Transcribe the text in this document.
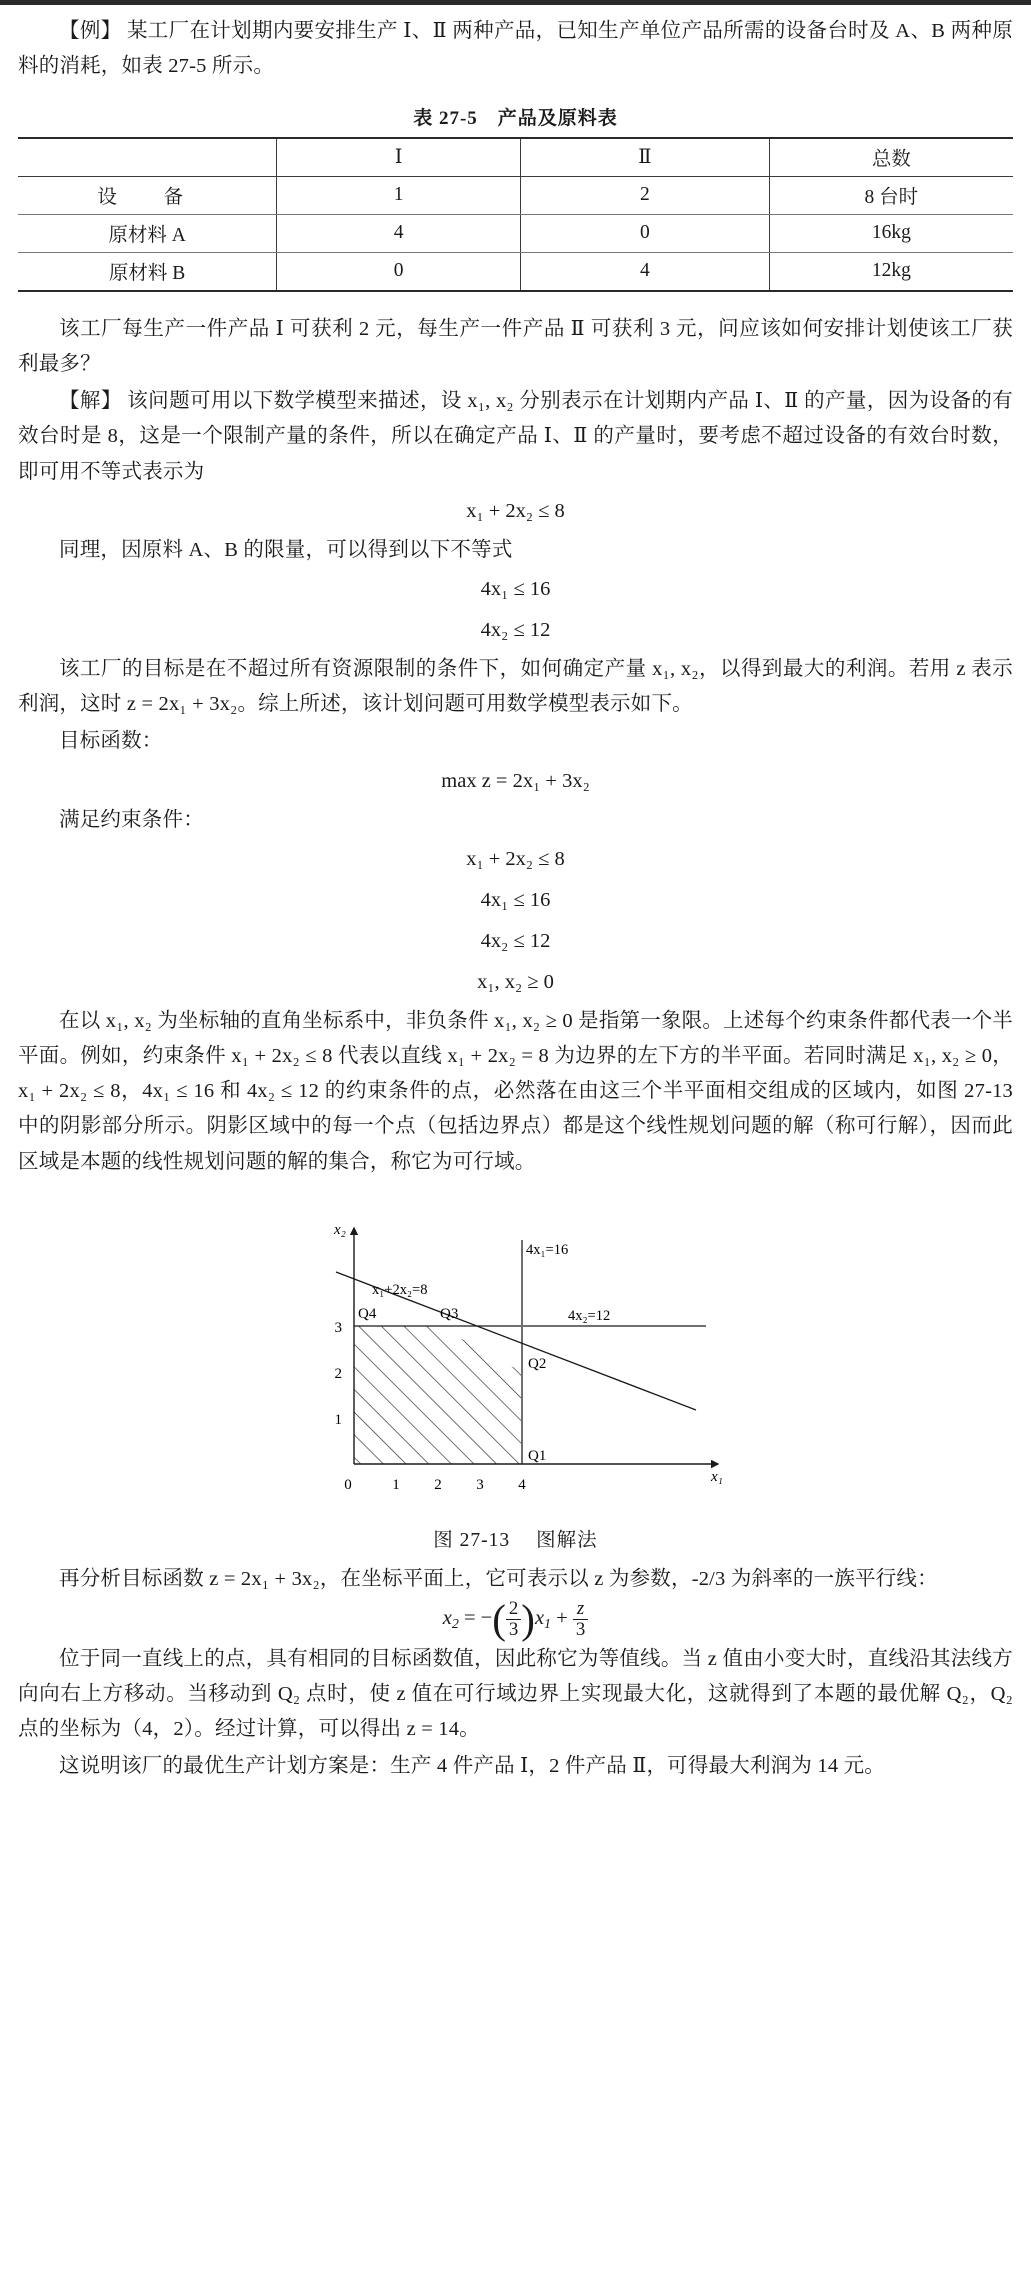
【例】 某工厂在计划期内要安排生产 Ⅰ、Ⅱ 两种产品，已知生产单位产品所需的设备台时及 A、B 两种原料的消耗，如表 27-5 所示。

表 27-5　产品及原料表
	Ⅰ	Ⅱ	总数
设　备	1	2	8 台时
原材料 A	4	0	16kg
原材料 B	0	4	12kg

该工厂每生产一件产品 Ⅰ 可获利 2 元，每生产一件产品 Ⅱ 可获利 3 元，问应该如何安排计划使该工厂获利最多？

【解】 该问题可用以下数学模型来描述，设 x₁, x₂ 分别表示在计划期内产品 Ⅰ、Ⅱ 的产量，因为设备的有效台时是 8，这是一个限制产量的条件，所以在确定产品 Ⅰ、Ⅱ 的产量时，要考虑不超过设备的有效台时数，即可用不等式表示为

x₁ + 2x₂ ≤ 8

同理，因原料 A、B 的限量，可以得到以下不等式

4x₁ ≤ 16
4x₂ ≤ 12

该工厂的目标是在不超过所有资源限制的条件下，如何确定产量 x₁, x₂，以得到最大的利润。若用 z 表示利润，这时 z = 2x₁ + 3x₂。综上所述，该计划问题可用数学模型表示如下。

目标函数：

max z = 2x₁ + 3x₂

满足约束条件：

x₁ + 2x₂ ≤ 8
4x₁ ≤ 16
4x₂ ≤ 12
x₁, x₂ ≥ 0

在以 x₁, x₂ 为坐标轴的直角坐标系中，非负条件 x₁, x₂ ≥ 0 是指第一象限。上述每个约束条件都代表一个半平面。例如，约束条件 x₁ + 2x₂ ≤ 8 代表以直线 x₁ + 2x₂ = 8 为边界的左下方的半平面。若同时满足 x₁, x₂ ≥ 0，x₁ + 2x₂ ≤ 8，4x₁ ≤ 16 和 4x₂ ≤ 12 的约束条件的点，必然落在由这三个半平面相交组成的区域内，如图 27-13 中的阴影部分所示。阴影区域中的每一个点（包括边界点）都是这个线性规划问题的解（称可行解），因而此区域是本题的线性规划问题的解的集合，称它为可行域。

3
2
1
0	1 2 3 4	x₁
x₂
x₁+2x₂=8
4x₁=16
4x₂=12
Q1
Q2
Q3
Q4
图 27-13 图解法

再分析目标函数 z = 2x₁ + 3x₂，在坐标平面上，它可表示以 z 为参数，-2/3 为斜率的一族平行线：

$x_2$ = −( $\frac{2}{3} )x_1 + \frac{z}{3}$

位于同一直线上的点，具有相同的目标函数值，因此称它为等值线。当 z 值由小变大时，直线沿其法线方向向右上方移动。当移动到 Q₂ 点时，使 z 值在可行域边界上实现最大化，这就得到了本题的最优解 Q₂，Q₂ 点的坐标为（4，2）。经过计算，可以得出 z = 14。

这说明该厂的最优生产计划方案是：生产 4 件产品 Ⅰ，2 件产品 Ⅱ，可得最大利润为 14 元。
